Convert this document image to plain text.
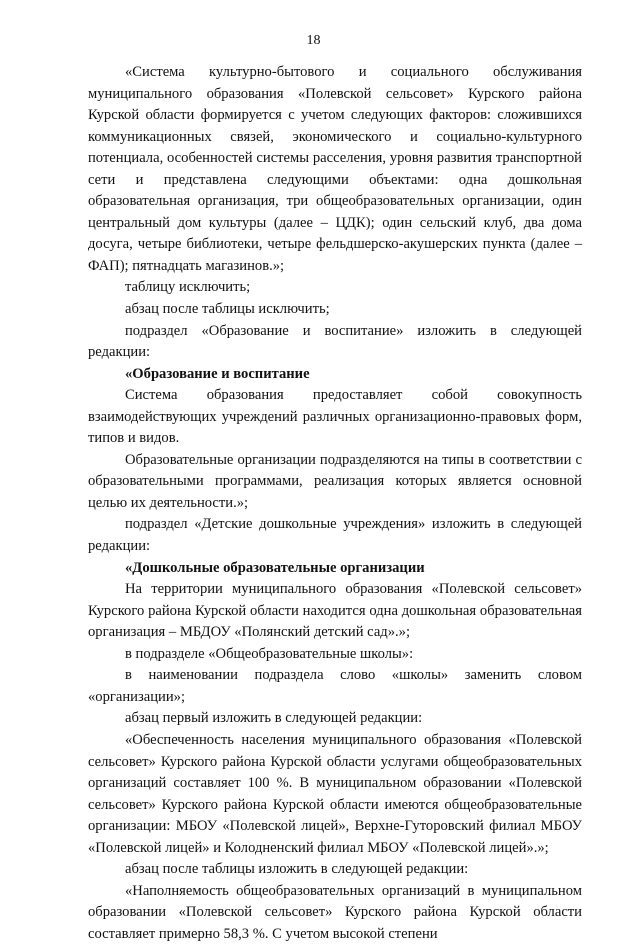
18

«Система культурно-бытового и социального обслуживания муниципального образования «Полевской сельсовет» Курского района Курской области формируется с учетом следующих факторов: сложившихся коммуникационных связей, экономического и социально-культурного потенциала, особенностей системы расселения, уровня развития транспортной сети и представлена следующими объектами: одна дошкольная образовательная организация, три общеобразовательных организации, один центральный дом культуры (далее – ЦДК); один сельский клуб, два дома досуга, четыре библиотеки, четыре фельдшерско-акушерских пункта (далее – ФАП); пятнадцать магазинов.»;

таблицу исключить;

абзац после таблицы исключить;

подраздел «Образование и воспитание» изложить в следующей редакции:

«Образование и воспитание

Система образования предоставляет собой совокупность взаимодействующих учреждений различных организационно-правовых форм, типов и видов.

Образовательные организации подразделяются на типы в соответствии с образовательными программами, реализация которых является основной целью их деятельности.»;

подраздел «Детские дошкольные учреждения» изложить в следующей редакции:

«Дошкольные образовательные организации

На территории муниципального образования «Полевской сельсовет» Курского района Курской области находится одна дошкольная образовательная организация – МБДОУ «Полянский детский сад».»;

в подразделе «Общеобразовательные школы»:

в наименовании подраздела слово «школы» заменить словом «организации»;

абзац первый изложить в следующей редакции:

«Обеспеченность населения муниципального образования «Полевской сельсовет» Курского района Курской области услугами общеобразовательных организаций составляет 100 %. В муниципальном образовании «Полевской сельсовет» Курского района Курской области имеются общеобразовательные организации: МБОУ «Полевской лицей», Верхне-Гуторовский филиал МБОУ «Полевской лицей» и Колодненский филиал МБОУ «Полевской лицей».»;

абзац после таблицы изложить в следующей редакции:

«Наполняемость общеобразовательных организаций в муниципальном образовании «Полевской сельсовет» Курского района Курской области составляет примерно 58,3 %. С учетом высокой степени
